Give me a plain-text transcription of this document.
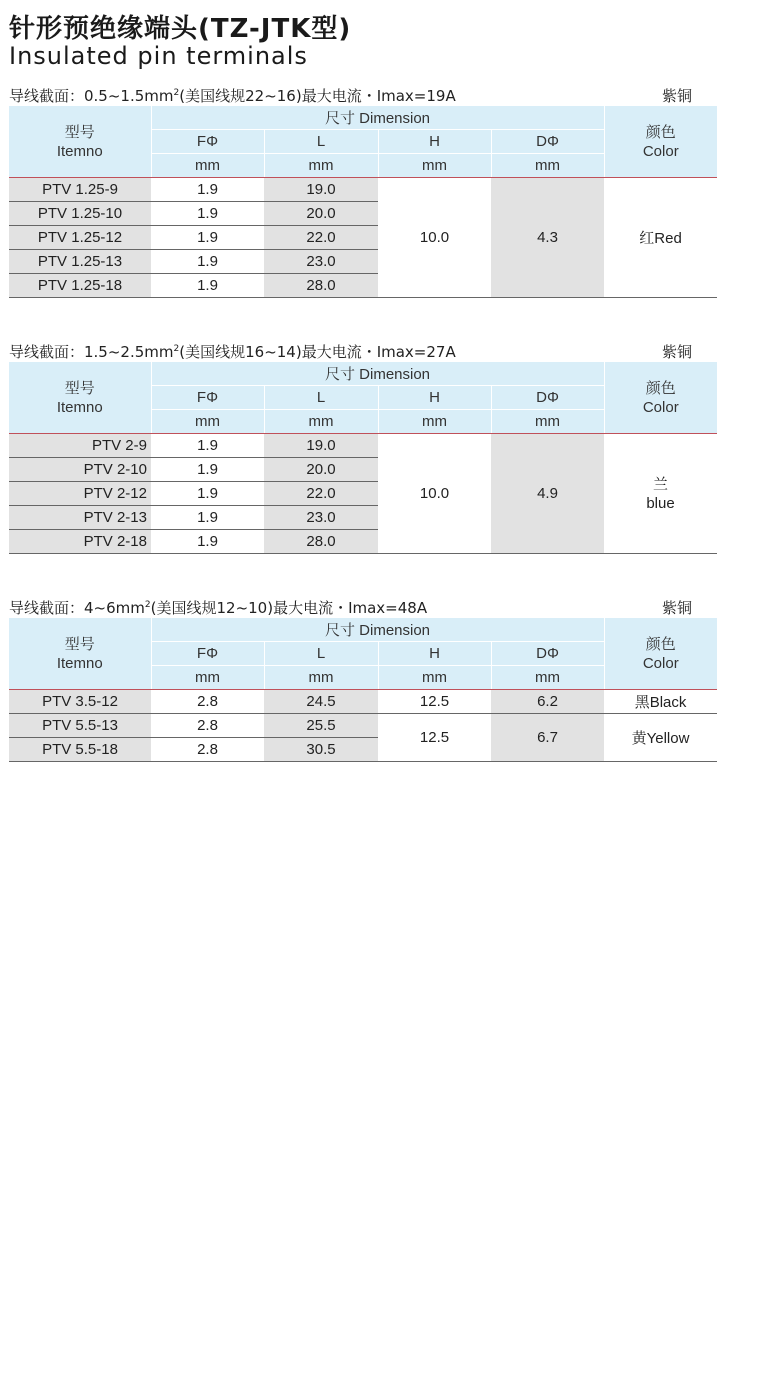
针形预绝缘端头(TZ-JTK型)
Insulated pin terminals
导线截面：$0.5\sim 1.5mm^2$(美国线规22~16)最大电流・Imax=19A	紫铜
型号
Itemno	尺寸 Dimension				颜色
Color

	FΦ	L	H	DΦ	
	mm	mm	mm	mm	
PTV 1.25-9	1.9	19.0	10.0	4.3	红Red
PTV 1.25-10	1.9	20.0			
PTV 1.25-12	1.9	22.0			
PTV 1.25-13	1.9	23.0			
PTV 1.25-18	1.9	28.0			
导线截面：$1.5\sim 2.5mm^2$(美国线规16~14)最大电流・Imax=27A	紫铜
型号
Itemno	尺寸 Dimension				颜色
Color

	FΦ	L	H	DΦ	
	mm	mm	mm	mm	
PTV 2-9	1.9	19.0	10.0	4.9	兰
blue

PTV 2-10	1.9	20.0			
PTV 2-12	1.9	22.0			
PTV 2-13	1.9	23.0			
PTV 2-18	1.9	28.0			
导线截面：$4\sim 6mm^2$(美国线规12~10)最大电流・Imax=48A	紫铜
型号
Itemno	尺寸 Dimension				颜色
Color

	FΦ	L	H	DΦ	
	mm	mm	mm	mm	
PTV 3.5-12	2.8	24.5	12.5	6.2	黑Black
PTV 5.5-13	2.8	25.5	12.5	6.7	黄Yellow
PTV 5.5-18	2.8	30.5			
